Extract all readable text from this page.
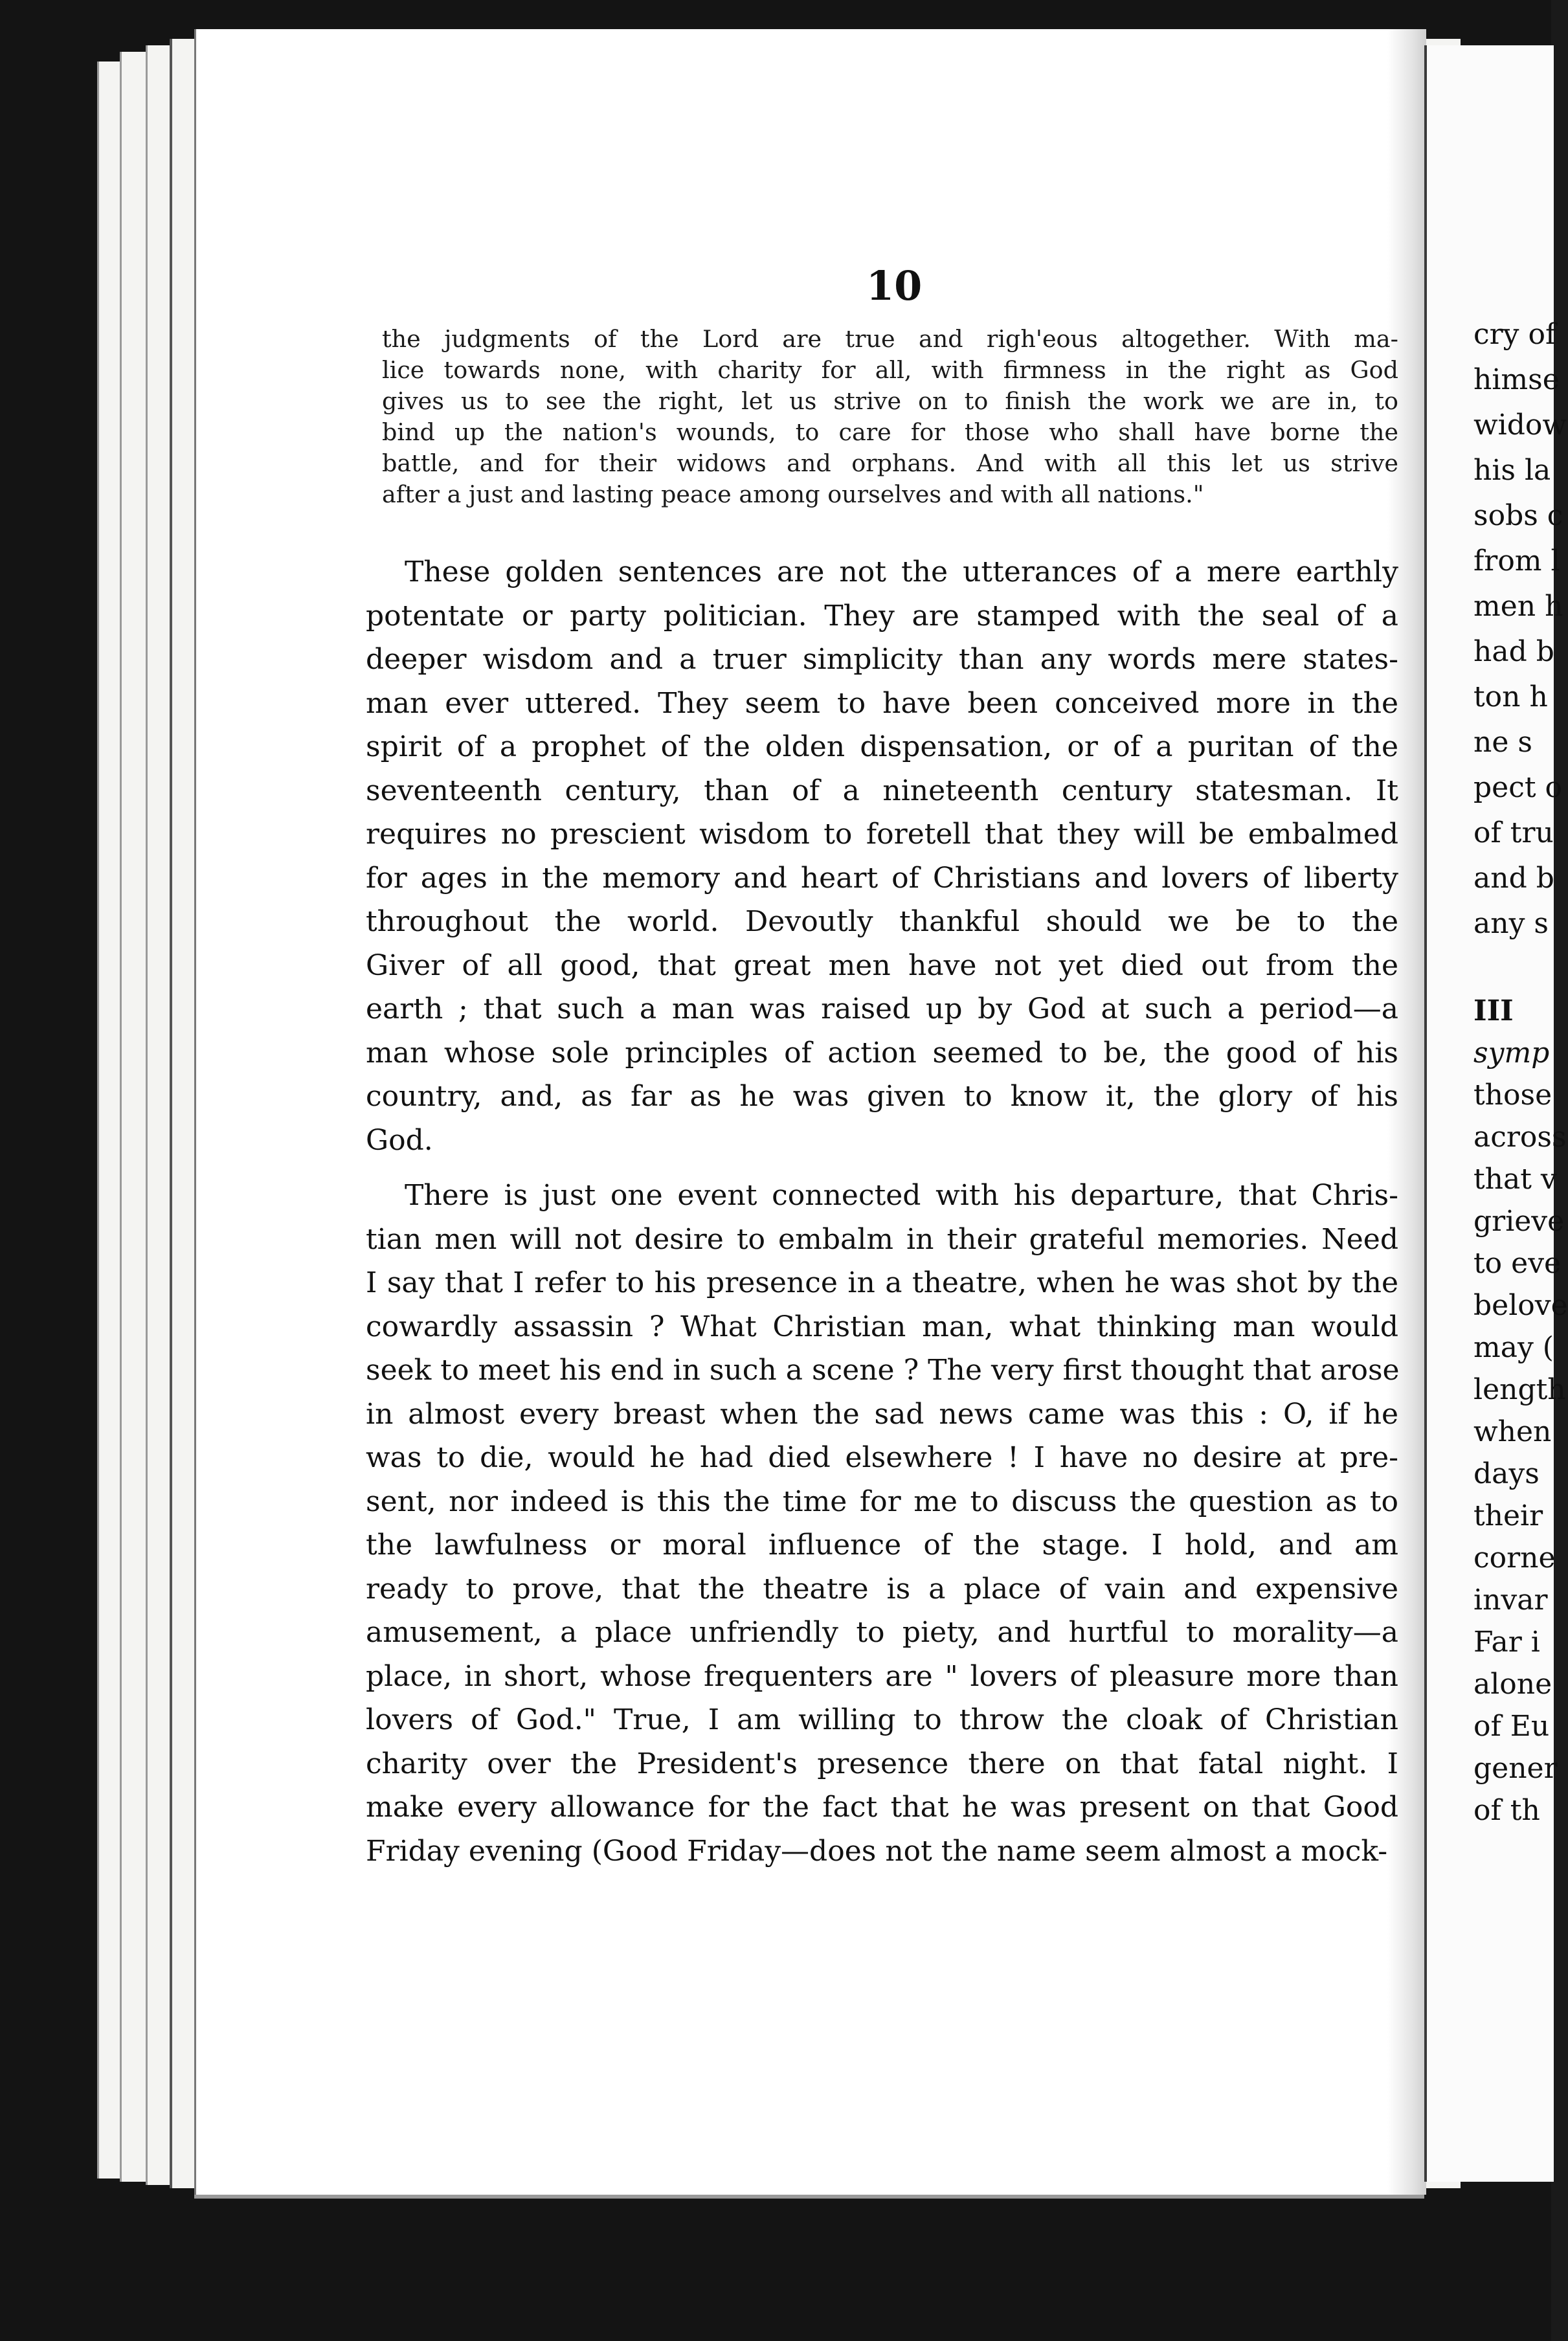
10
the judgments of the Lord are true and righ'eous altogether. With ma-
lice towards none, with charity for all, with firmness in the right as God
gives us to see the right, let us strive on to finish the work we are in, to
bind up the nation's wounds, to care for those who shall have borne the
battle, and for their widows and orphans. And with all this let us strive
after a just and lasting peace among ourselves and with all nations."
These golden sentences are not the utterances of a mere earthly
potentate or party politician. They are stamped with the seal of a
deeper wisdom and a truer simplicity than any words mere states-
man ever uttered. They seem to have been conceived more in the
spirit of a prophet of the olden dispensation, or of a puritan of the
seventeenth century, than of a nineteenth century statesman. It
requires no prescient wisdom to foretell that they will be embalmed
for ages in the memory and heart of Christians and lovers of liberty
throughout the world. Devoutly thankful should we be to the
Giver of all good, that great men have not yet died out from the
earth ; that such a man was raised up by God at such a period—a
man whose sole principles of action seemed to be, the good of his
country, and, as far as he was given to know it, the glory of his
God.
There is just one event connected with his departure, that Chris-
tian men will not desire to embalm in their grateful memories. Need
I say that I refer to his presence in a theatre, when he was shot by the
cowardly assassin ? What Christian man, what thinking man would
seek to meet his end in such a scene ? The very first thought that arose
in almost every breast when the sad news came was this : O, if he
was to die, would he had died elsewhere ! I have no desire at pre-
sent, nor indeed is this the time for me to discuss the question as to
the lawfulness or moral influence of the stage. I hold, and am
ready to prove, that the theatre is a place of vain and expensive
amusement, a place unfriendly to piety, and hurtful to morality—a
place, in short, whose frequenters are " lovers of pleasure more than
lovers of God." True, I am willing to throw the cloak of Christian
charity over the President's presence there on that fatal night. I
make every allowance for the fact that he was present on that Good
Friday evening (Good Friday—does not the name seem almost a mock-
cry of
himse
widow
his la
sobs c
from l
men h
had b
ton h
ne s
pect o
of tru
and b
any s
III
symp
those
across
that v
grieve
to eve
belove
may (
length
when
days
their
corne
invar
Far i
alone
of Eu
gener
of th
